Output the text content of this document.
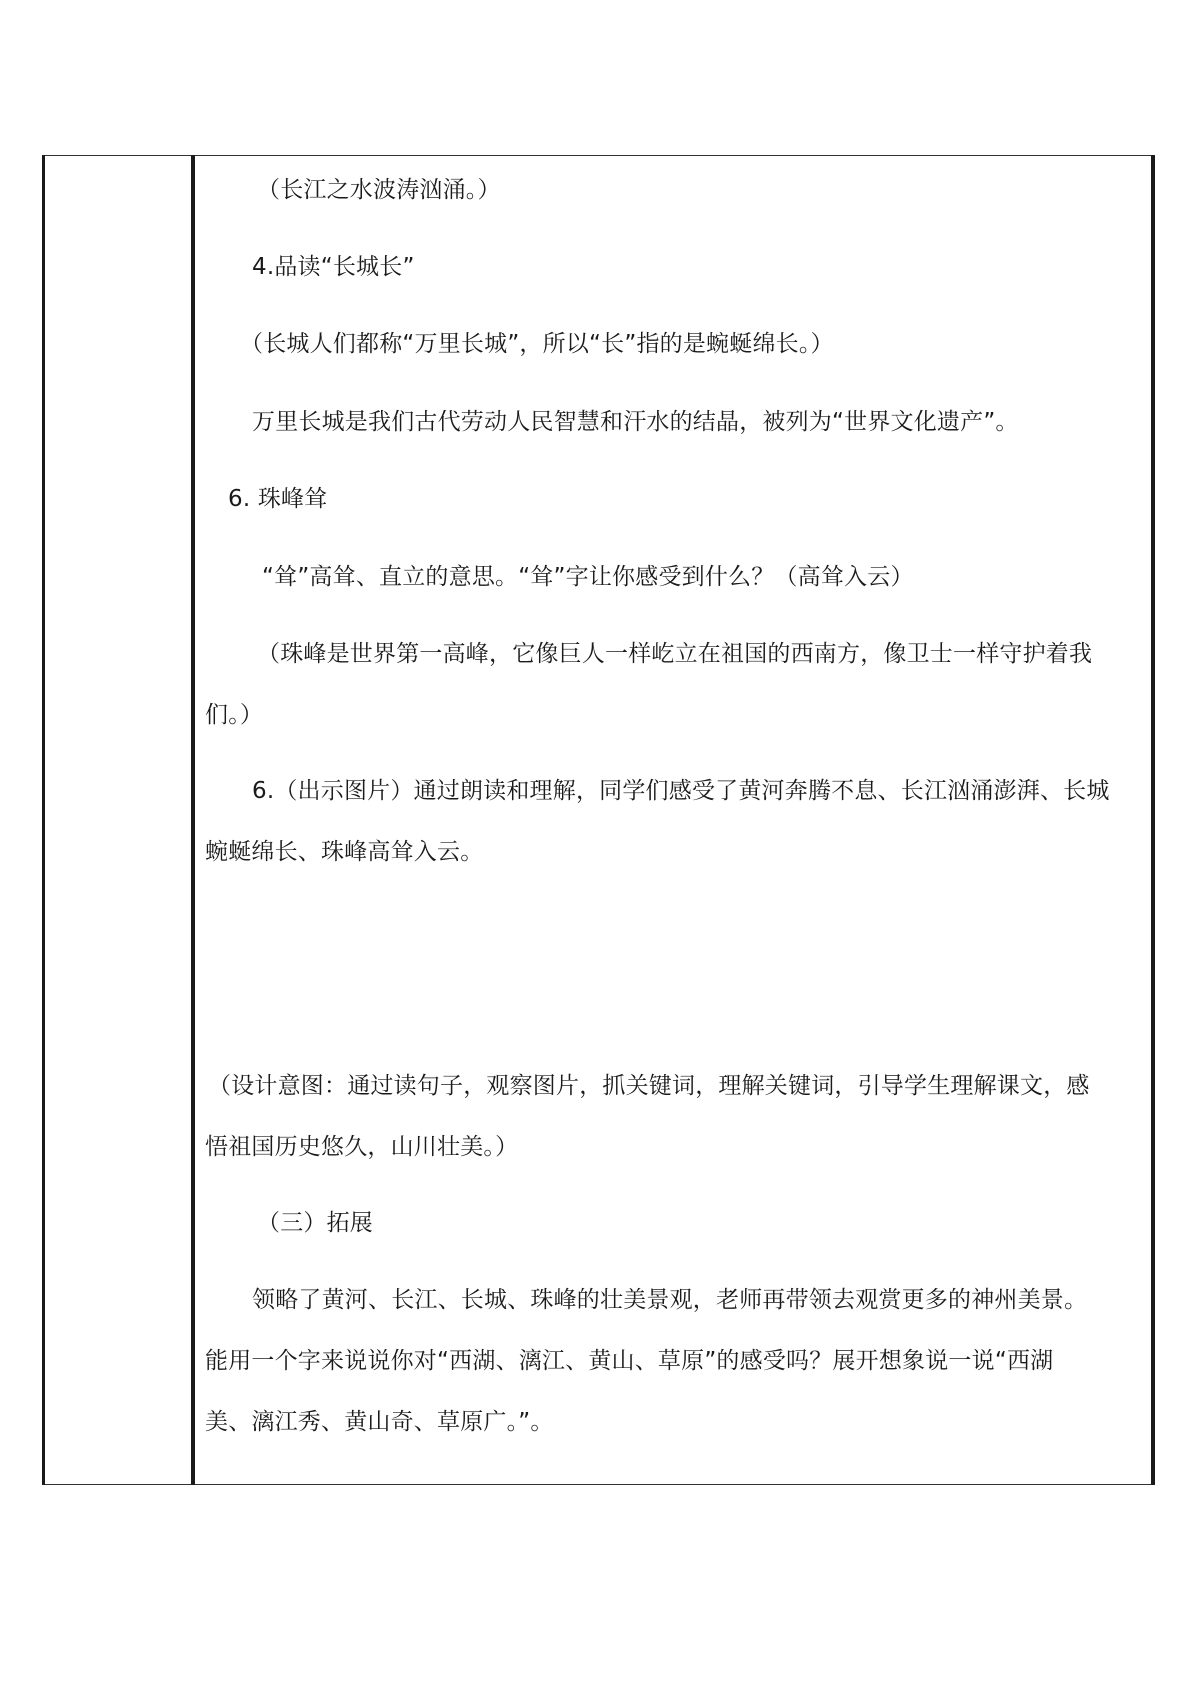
（长江之水波涛汹涌。）
4.品读“长城长”
（长城人们都称“万里长城”，所以“长”指的是蜿蜒绵长。）
万里长城是我们古代劳动人民智慧和汗水的结晶，被列为“世界文化遗产”。
6. 珠峰耸
“耸”高耸、直立的意思。“耸”字让你感受到什么？（高耸入云）
（珠峰是世界第一高峰，它像巨人一样屹立在祖国的西南方，像卫士一样守护着我
们。）
6.（出示图片）通过朗读和理解，同学们感受了黄河奔腾不息、长江汹涌澎湃、长城
蜿蜒绵长、珠峰高耸入云。
（设计意图：通过读句子，观察图片，抓关键词，理解关键词，引导学生理解课文，感
悟祖国历史悠久，山川壮美。）
（三）拓展
领略了黄河、长江、长城、珠峰的壮美景观，老师再带领去观赏更多的神州美景。
能用一个字来说说你对“西湖、漓江、黄山、草原”的感受吗？展开想象说一说“西湖
美、漓江秀、黄山奇、草原广。”。
